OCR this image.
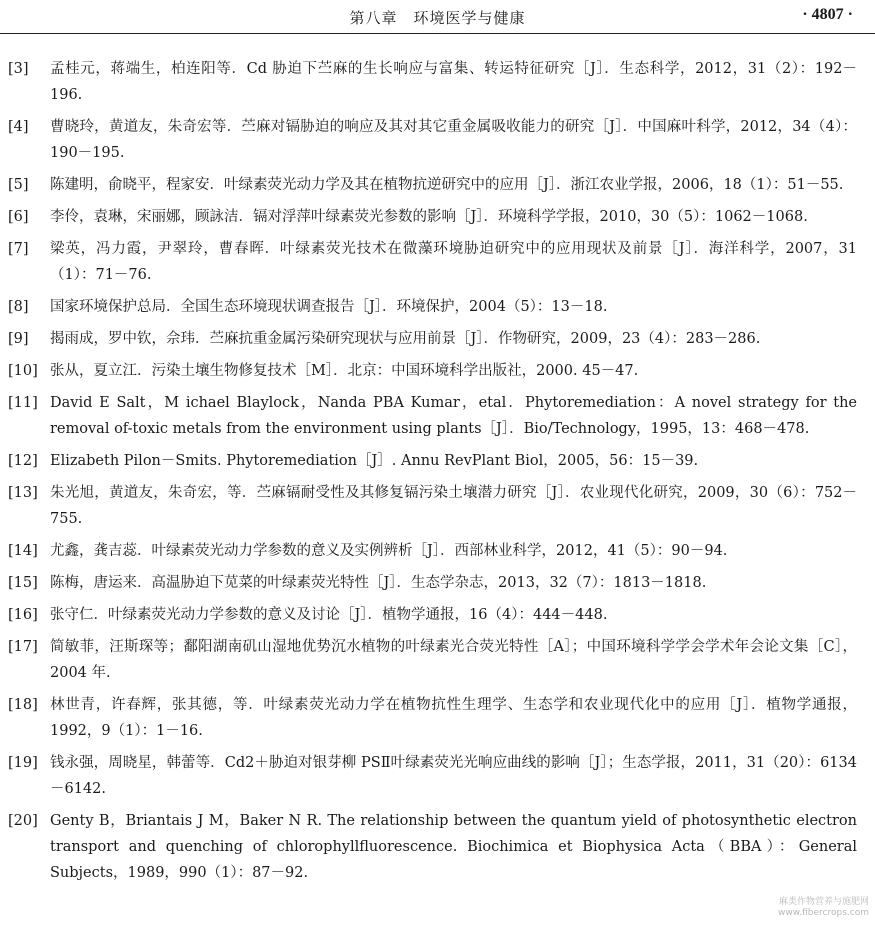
第八章　环境医学与健康	· 4807 ·
[3]	孟桂元，蒋端生，柏连阳等．Cd 胁迫下苎麻的生长响应与富集、转运特征研究［J］．生态科学，2012，31（2）：192－196.
[4]	曹晓玲，黄道友，朱奇宏等．苎麻对镉胁迫的响应及其对其它重金属吸收能力的研究［J］．中国麻叶科学，2012，34（4）：190－195.
[5]	陈建明，俞晓平，程家安．叶绿素荧光动力学及其在植物抗逆研究中的应用［J］．浙江农业学报，2006，18（1）：51－55.
[6]	李伶，袁琳，宋丽娜，顾詠洁．镉对浮萍叶绿素荧光参数的影响［J］．环境科学学报，2010，30（5）：1062－1068.
[7]	梁英，冯力霞，尹翠玲，曹春晖．叶绿素荧光技术在微藻环境胁迫研究中的应用现状及前景［J］．海洋科学，2007，31（1）：71－76.
[8]	国家环境保护总局．全国生态环境现状调查报告［J］．环境保护，2004（5）：13－18.
[9]	揭雨成，罗中钦，佘玮．苎麻抗重金属污染研究现状与应用前景［J］．作物研究，2009，23（4）：283－286.
[10] 张从，夏立江．污染土壤生物修复技术［M］．北京：中国环境科学出版社，2000. 45－47.
[11] David E Salt，M ichael Blaylock，Nanda PBA Kumar，etal．Phytoremediation：A novel strategy for the removal of-toxic metals from the environment using plants［J］．Bio/Technology，1995，13：468－478.
[12] Elizabeth Pilon－Smits. Phytoremediation［J］. Annu RevPlant Biol，2005，56：15－39.
[13] 朱光旭，黄道友，朱奇宏，等．苎麻镉耐受性及其修复镉污染土壤潜力研究［J］．农业现代化研究，2009，30（6）：752－755.
[14] 尤鑫，龚吉蕊．叶绿素荧光动力学参数的意义及实例辨析［J］．西部林业科学，2012，41（5）：90－94.
[15] 陈梅，唐运来．高温胁迫下苋菜的叶绿素荧光特性［J］．生态学杂志，2013，32（7）：1813－1818.
[16] 张守仁．叶绿素荧光动力学参数的意义及讨论［J］．植物学通报，16（4）：444－448.
[17] 简敏菲，汪斯琛等；鄱阳湖南矶山湿地优势沉水植物的叶绿素光合荧光特性［A］；中国环境科学学会学术年会论文集［C］，2004 年.
[18] 林世青，许春辉，张其德，等．叶绿素荧光动力学在植物抗性生理学、生态学和农业现代化中的应用［J］．植物学通报，1992，9（1）：1－16.
[19] 钱永强，周晓星，韩蕾等．Cd2＋胁迫对银芽柳 PSⅡ叶绿素荧光光响应曲线的影响［J］；生态学报，2011，31（20）：6134－6142.
[20] Genty B，Briantais J M，Baker N R. The relationship between the quantum yield of photosynthetic electron transport and quenching of chlorophyllfluorescence. Biochimica et Biophysica Acta（BBA）：General Subjects，1989，990（1）：87－92.
麻类作物营养与施肥网
www.fibercrops.com
